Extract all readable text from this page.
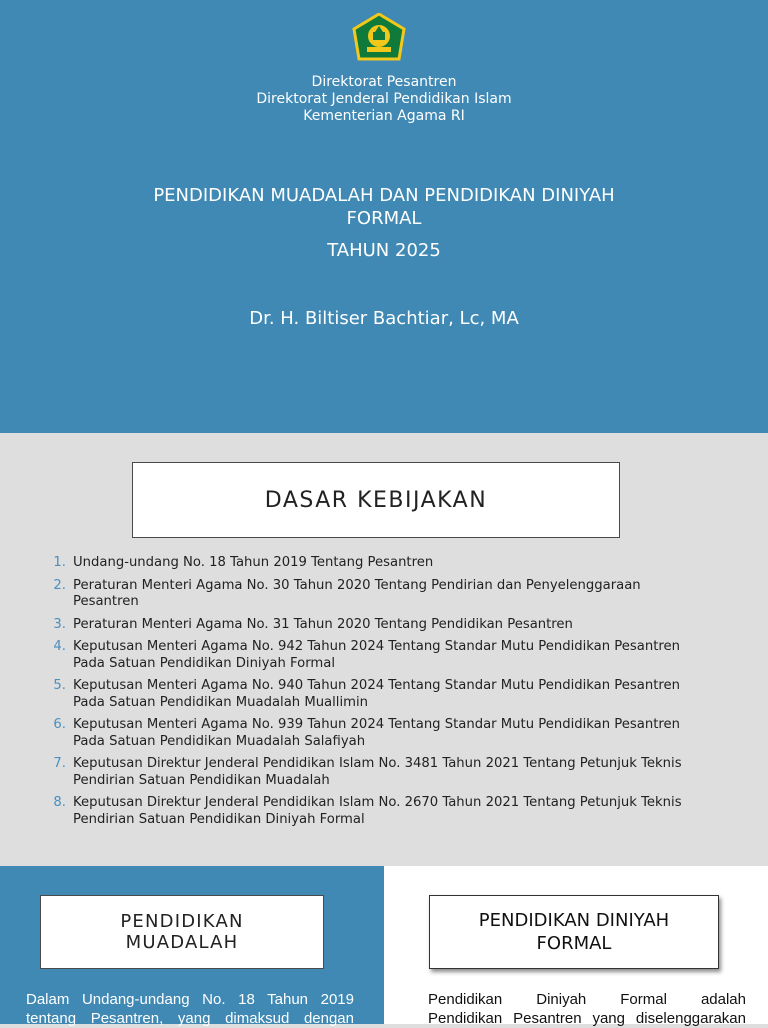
Direktorat Pesantren
Direktorat Jenderal Pendidikan Islam
Kementerian Agama RI
PENDIDIKAN MUADALAH DAN PENDIDIKAN DINIYAH
FORMAL
TAHUN 2025
Dr. H. Biltiser Bachtiar, Lc, MA
DASAR KEBIJAKAN
1. Undang-undang No. 18 Tahun 2019 Tentang Pesantren
2. Peraturan Menteri Agama No. 30 Tahun 2020 Tentang Pendirian dan Penyelenggaraan
Pesantren
3. Peraturan Menteri Agama No. 31 Tahun 2020 Tentang Pendidikan Pesantren
4. Keputusan Menteri Agama No. 942 Tahun 2024 Tentang Standar Mutu Pendidikan Pesantren
Pada Satuan Pendidikan Diniyah Formal
5. Keputusan Menteri Agama No. 940 Tahun 2024 Tentang Standar Mutu Pendidikan Pesantren
Pada Satuan Pendidikan Muadalah Muallimin
6. Keputusan Menteri Agama No. 939 Tahun 2024 Tentang Standar Mutu Pendidikan Pesantren
Pada Satuan Pendidikan Muadalah Salafiyah
7. Keputusan Direktur Jenderal Pendidikan Islam No. 3481 Tahun 2021 Tentang Petunjuk Teknis
Pendirian Satuan Pendidikan Muadalah
8. Keputusan Direktur Jenderal Pendidikan Islam No. 2670 Tahun 2021 Tentang Petunjuk Teknis
Pendirian Satuan Pendidikan Diniyah Formal
PENDIDIKAN
MUADALAH
Dalam Undang-undang No. 18 Tahun 2019
tentang Pesantren, yang dimaksud dengan
PENDIDIKAN DINIYAH
FORMAL
Pendidikan Diniyah Formal adalah
Pendidikan Pesantren yang diselenggarakan
